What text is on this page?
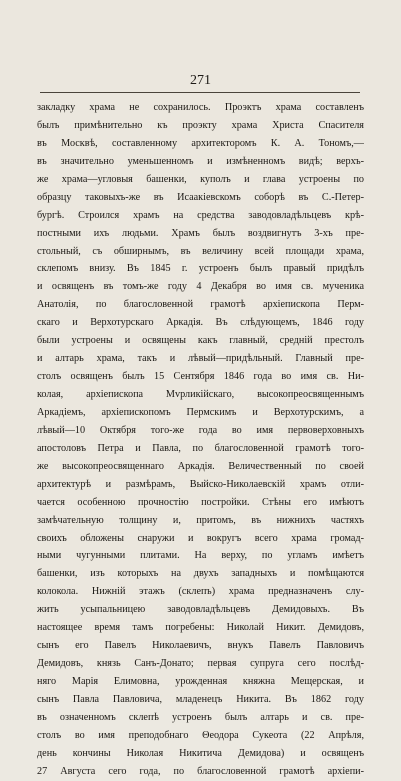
271
закладку храма не сохранилось. Проэктъ храма составленъ
былъ примѣнительно къ проэкту храма Христа Спасителя
въ Москвѣ, составленному архитекторомъ К. А. Тономъ,—
въ значительно уменьшенномъ и измѣненномъ видѣ; верхъ-
же храма—угловыя башенки, куполъ и глава устроены по
образцу таковыхъ-же въ Исаакіевскомъ соборѣ въ С.-Петер-
бургѣ. Строился храмъ на средства заводовладѣльцевъ крѣ-
постными ихъ людьми. Храмъ былъ воздвигнутъ 3-хъ пре-
стольный, съ обширнымъ, въ величину всей площади храма,
склепомъ внизу. Въ 1845 г. устроенъ былъ правый придѣлъ
и освященъ въ томъ-же году 4 Декабря во имя св. мученика
Анатолія, по благословенной грамотѣ архіепископа Перм-
скаго и Верхотурскаго Аркадія. Въ слѣдующемъ, 1846 году
были устроены и освящены какъ главный, средній престолъ
и алтарь храма, такъ и лѣвый—придѣльный. Главный пре-
столъ освященъ былъ 15 Сентября 1846 года во имя св. Ни-
колая, архіепископа Мvрликійскаго, высокопреосвященнымъ
Аркадіемъ, архіепископомъ Пермскимъ и Верхотурскимъ, а
лѣвый—10 Октября того-же года во имя первоверховныхъ
апостоловъ Петра и Павла, по благословенной грамотѣ того-
же высокопреосвященнаго Аркадія. Величественный по своей
архитектурѣ и размѣрамъ, Выйско-Николаевскій храмъ отли-
чается особенною прочностію постройки. Стѣны его имѣютъ
замѣчательную толщину и, притомъ, въ нижнихъ частяхъ
своихъ обложены снаружи и вокругъ всего храма громад-
ными чугунными плитами. На верху, по угламъ имѣетъ
башенки, изъ которыхъ на двухъ западныхъ и помѣщаются
колокола. Нижній этажъ (склепъ) храма предназначенъ слу-
жить усыпальницею заводовладѣльцевъ Демидовыхъ. Въ
настоящее время тамъ погребены: Николай Никит. Демидовъ,
сынъ его Павелъ Николаевичъ, внукъ Павелъ Павловичъ
Демидовъ, князь Санъ-Донато; первая супруга сего послѣд-
няго Марія Елимовна, урожденная княжна Мещерская, и
сынъ Павла Павловича, младенецъ Никита. Въ 1862 году
въ означенномъ склепѣ устроенъ былъ алтарь и св. пре-
столъ во имя преподобнаго Θеодора Сукеота (22 Апрѣля,
день кончины Николая Никитича Демидова) и освященъ
27 Августа сего года, по благословенной грамотѣ архіепи-
